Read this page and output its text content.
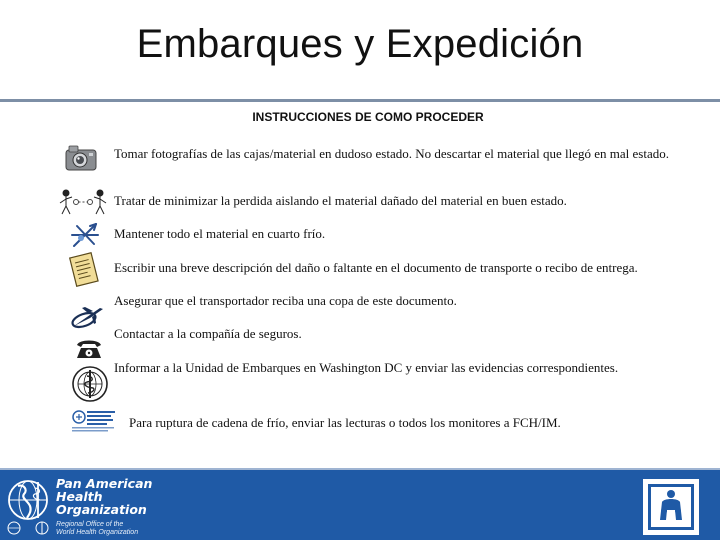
Embarques y Expedición
INSTRUCCIONES DE COMO PROCEDER
Tomar fotografías de las cajas/material en dudoso estado. No descartar el material que llegó en mal estado.
Tratar de minimizar la perdida aislando el material dañado del material en buen estado.
Mantener todo el material en cuarto frío.
Escribir una breve descripción del daño o faltante en el documento de transporte o recibo de entrega.
Asegurar que el transportador reciba una copa de este documento.
Contactar a la compañía de seguros.
Informar a la Unidad de Embarques en Washington DC y enviar las evidencias correspondientes.
Para ruptura de cadena de frío, enviar las lecturas o todos los monitores a FCH/IM.
Pan American
Health
Organization
Regional Office of the
World Health Organization
